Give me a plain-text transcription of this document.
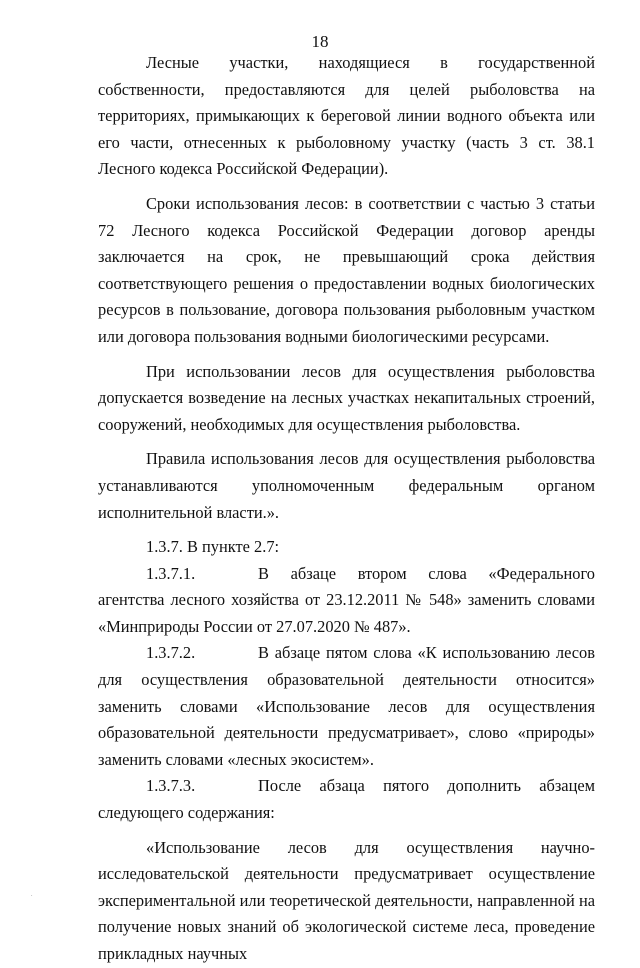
18

Лесные участки, находящиеся в государственной собственности, предоставляются для целей рыболовства на территориях, примыкающих к береговой линии водного объекта или его части, отнесенных к рыболовному участку (часть 3 ст. 38.1 Лесного кодекса Российской Федерации).

Сроки использования лесов: в соответствии с частью 3 статьи 72 Лесного кодекса Российской Федерации договор аренды заключается на срок, не превышающий срока действия соответствующего решения о предоставлении водных биологических ресурсов в пользование, договора пользования рыболовным участком или договора пользования водными биологическими ресурсами.

При использовании лесов для осуществления рыболовства допускается возведение на лесных участках некапитальных строений, сооружений, необходимых для осуществления рыболовства.

Правила использования лесов для осуществления рыболовства устанавливаются уполномоченным федеральным органом исполнительной власти.».

1.3.7. В пункте 2.7:

1.3.7.1.	В абзаце втором слова «Федерального агентства лесного хозяйства от 23.12.2011 № 548» заменить словами «Минприроды России от 27.07.2020 № 487».

1.3.7.2.	В абзаце пятом слова «К использованию лесов для осуществления образовательной деятельности относится» заменить словами «Использование лесов для осуществления образовательной деятельности предусматривает», слово «природы» заменить словами «лесных экосистем».

1.3.7.3.	После абзаца пятого дополнить абзацем следующего содержания:

«Использование лесов для осуществления научно-исследовательской деятельности предусматривает осуществление экспериментальной или теоретической деятельности, направленной на получение новых знаний об экологической системе леса, проведение прикладных научных

.
